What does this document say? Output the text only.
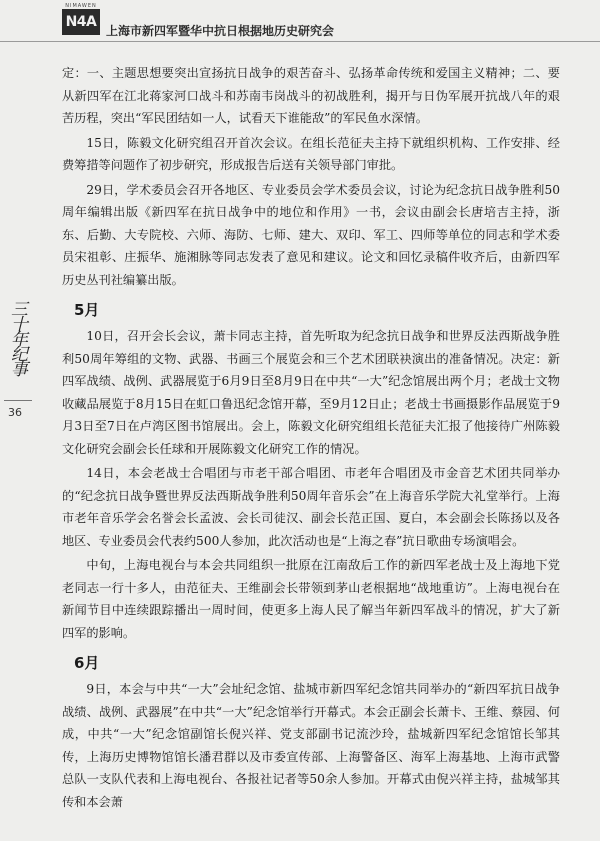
NIMAWEN
N4A
上海市新四军暨华中抗日根据地历史研究会
三十年纪事
36

定：一、主题思想要突出宣扬抗日战争的艰苦奋斗、弘扬革命传统和爱国主义精神；二、要从新四军在江北蒋家河口战斗和苏南韦岗战斗的初战胜利，揭开与日伪军展开抗战八年的艰苦历程，突出“军民团结如一人，试看天下谁能敌”的军民鱼水深情。

15日，陈毅文化研究组召开首次会议。在组长范征夫主持下就组织机构、工作安排、经费筹措等问题作了初步研究，形成报告后送有关领导部门审批。

29日，学术委员会召开各地区、专业委员会学术委员会议，讨论为纪念抗日战争胜利50周年编辑出版《新四军在抗日战争中的地位和作用》一书，会议由副会长唐培吉主持，浙东、后勤、大专院校、六师、海防、七师、建大、双印、军工、四师等单位的同志和学术委员宋祖彰、庄振华、施湘脉等同志发表了意见和建议。论文和回忆录稿件收齐后，由新四军历史丛刊社编纂出版。

5月

10日，召开会长会议，萧卡同志主持，首先听取为纪念抗日战争和世界反法西斯战争胜利50周年筹组的文物、武器、书画三个展览会和三个艺术团联袂演出的准备情况。决定：新四军战绩、战例、武器展览于6月9日至8月9日在中共“一大”纪念馆展出两个月；老战士文物收藏品展览于8月15日在虹口鲁迅纪念馆开幕，至9月12日止；老战士书画摄影作品展览于9月3日至7日在卢湾区图书馆展出。会上，陈毅文化研究组组长范征夫汇报了他接待广州陈毅文化研究会副会长任球和开展陈毅文化研究工作的情况。

14日，本会老战士合唱团与市老干部合唱团、市老年合唱团及市金音艺术团共同举办的“纪念抗日战争暨世界反法西斯战争胜利50周年音乐会”在上海音乐学院大礼堂举行。上海市老年音乐学会名誉会长孟波、会长司徒汉、副会长范正国、夏白，本会副会长陈扬以及各地区、专业委员会代表约500人参加，此次活动也是“上海之春”抗日歌曲专场演唱会。

中旬，上海电视台与本会共同组织一批原在江南敌后工作的新四军老战士及上海地下党老同志一行十多人，由范征夫、王维副会长带领到茅山老根据地“战地重访”。上海电视台在新闻节目中连续跟踪播出一周时间，使更多上海人民了解当年新四军战斗的情况，扩大了新四军的影响。

6月

9日，本会与中共“一大”会址纪念馆、盐城市新四军纪念馆共同举办的“新四军抗日战争战绩、战例、武器展”在中共“一大”纪念馆举行开幕式。本会正副会长萧卡、王维、蔡园、何成，中共“一大”纪念馆副馆长倪兴祥、党支部副书记流沙玲，盐城新四军纪念馆馆长邹其传，上海历史博物馆馆长潘君群以及市委宣传部、上海警备区、海军上海基地、上海市武警总队一支队代表和上海电视台、各报社记者等50余人参加。开幕式由倪兴祥主持，盐城邹其传和本会萧
